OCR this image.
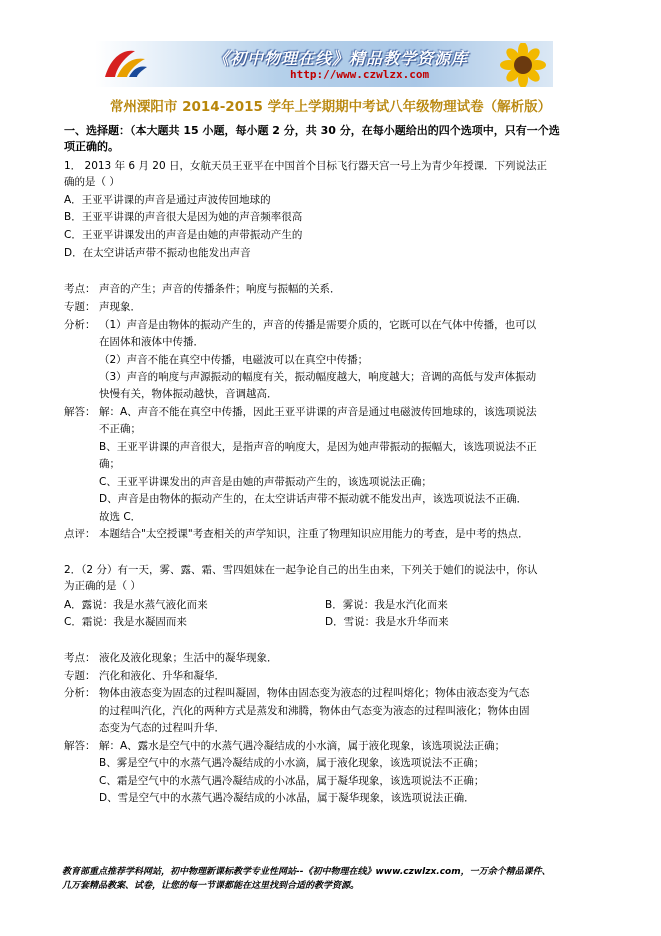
《初中物理在线》精品教学资源库
http://www.czwlzx.com
常州溧阳市 2014-2015 学年上学期期中考试八年级物理试卷（解析版）
一、选择题：（本大题共 15 小题，每小题 2 分，共 30 分，在每小题给出的四个选项中，只有一个选
项正确的。
1． 2013 年 6 月 20 日，女航天员王亚平在中国首个目标飞行器天宫一号上为青少年授课．下列说法正
确的是（ ）
A．王亚平讲课的声音是通过声波传回地球的
B．王亚平讲课的声音很大是因为她的声音频率很高
C．王亚平讲课发出的声音是由她的声带振动产生的
D．在太空讲话声带不振动也能发出声音
考点： 声音的产生；声音的传播条件；响度与振幅的关系．
专题： 声现象．
分析： （1）声音是由物体的振动产生的，声音的传播是需要介质的，它既可以在气体中传播，也可以
在固体和液体中传播．
（2）声音不能在真空中传播，电磁波可以在真空中传播；
（3）声音的响度与声源振动的幅度有关，振动幅度越大，响度越大；音调的高低与发声体振动
快慢有关，物体振动越快，音调越高．
解答： 解：A、声音不能在真空中传播，因此王亚平讲课的声音是通过电磁波传回地球的，该选项说法
不正确；
B、王亚平讲课的声音很大，是指声音的响度大，是因为她声带振动的振幅大，该选项说法不正
确；
C、王亚平讲课发出的声音是由她的声带振动产生的，该选项说法正确；
D、声音是由物体的振动产生的，在太空讲话声带不振动就不能发出声，该选项说法不正确．
故选 C．
点评： 本题结合"太空授课"考查相关的声学知识，注重了物理知识应用能力的考查，是中考的热点．
2．（2 分）有一天，雾、露、霜、雪四姐妹在一起争论自己的出生由来，下列关于她们的说法中，你认
为正确的是（ ）
A．露说：我是水蒸气液化而来	B．雾说：我是水汽化而来
C．霜说：我是水凝固而来	D．雪说：我是水升华而来
考点： 液化及液化现象；生活中的凝华现象．
专题： 汽化和液化、升华和凝华．
分析： 物体由液态变为固态的过程叫凝固，物体由固态变为液态的过程叫熔化；物体由液态变为气态
的过程叫汽化，汽化的两种方式是蒸发和沸腾，物体由气态变为液态的过程叫液化；物体由固
态变为气态的过程叫升华．
解答： 解：A、露水是空气中的水蒸气遇冷凝结成的小水滴，属于液化现象，该选项说法正确；
B、雾是空气中的水蒸气遇冷凝结成的小水滴，属于液化现象，该选项说法不正确；
C、霜是空气中的水蒸气遇冷凝结成的小冰晶，属于凝华现象，该选项说法不正确；
D、雪是空气中的水蒸气遇冷凝结成的小冰晶，属于凝华现象，该选项说法正确．
教育部重点推荐学科网站，初中物理新课标教学专业性网站--《初中物理在线》www.czwlzx.com，一万余个精品课件、
几万套精品教案、试卷，让您的每一节课都能在这里找到合适的教学资源。
